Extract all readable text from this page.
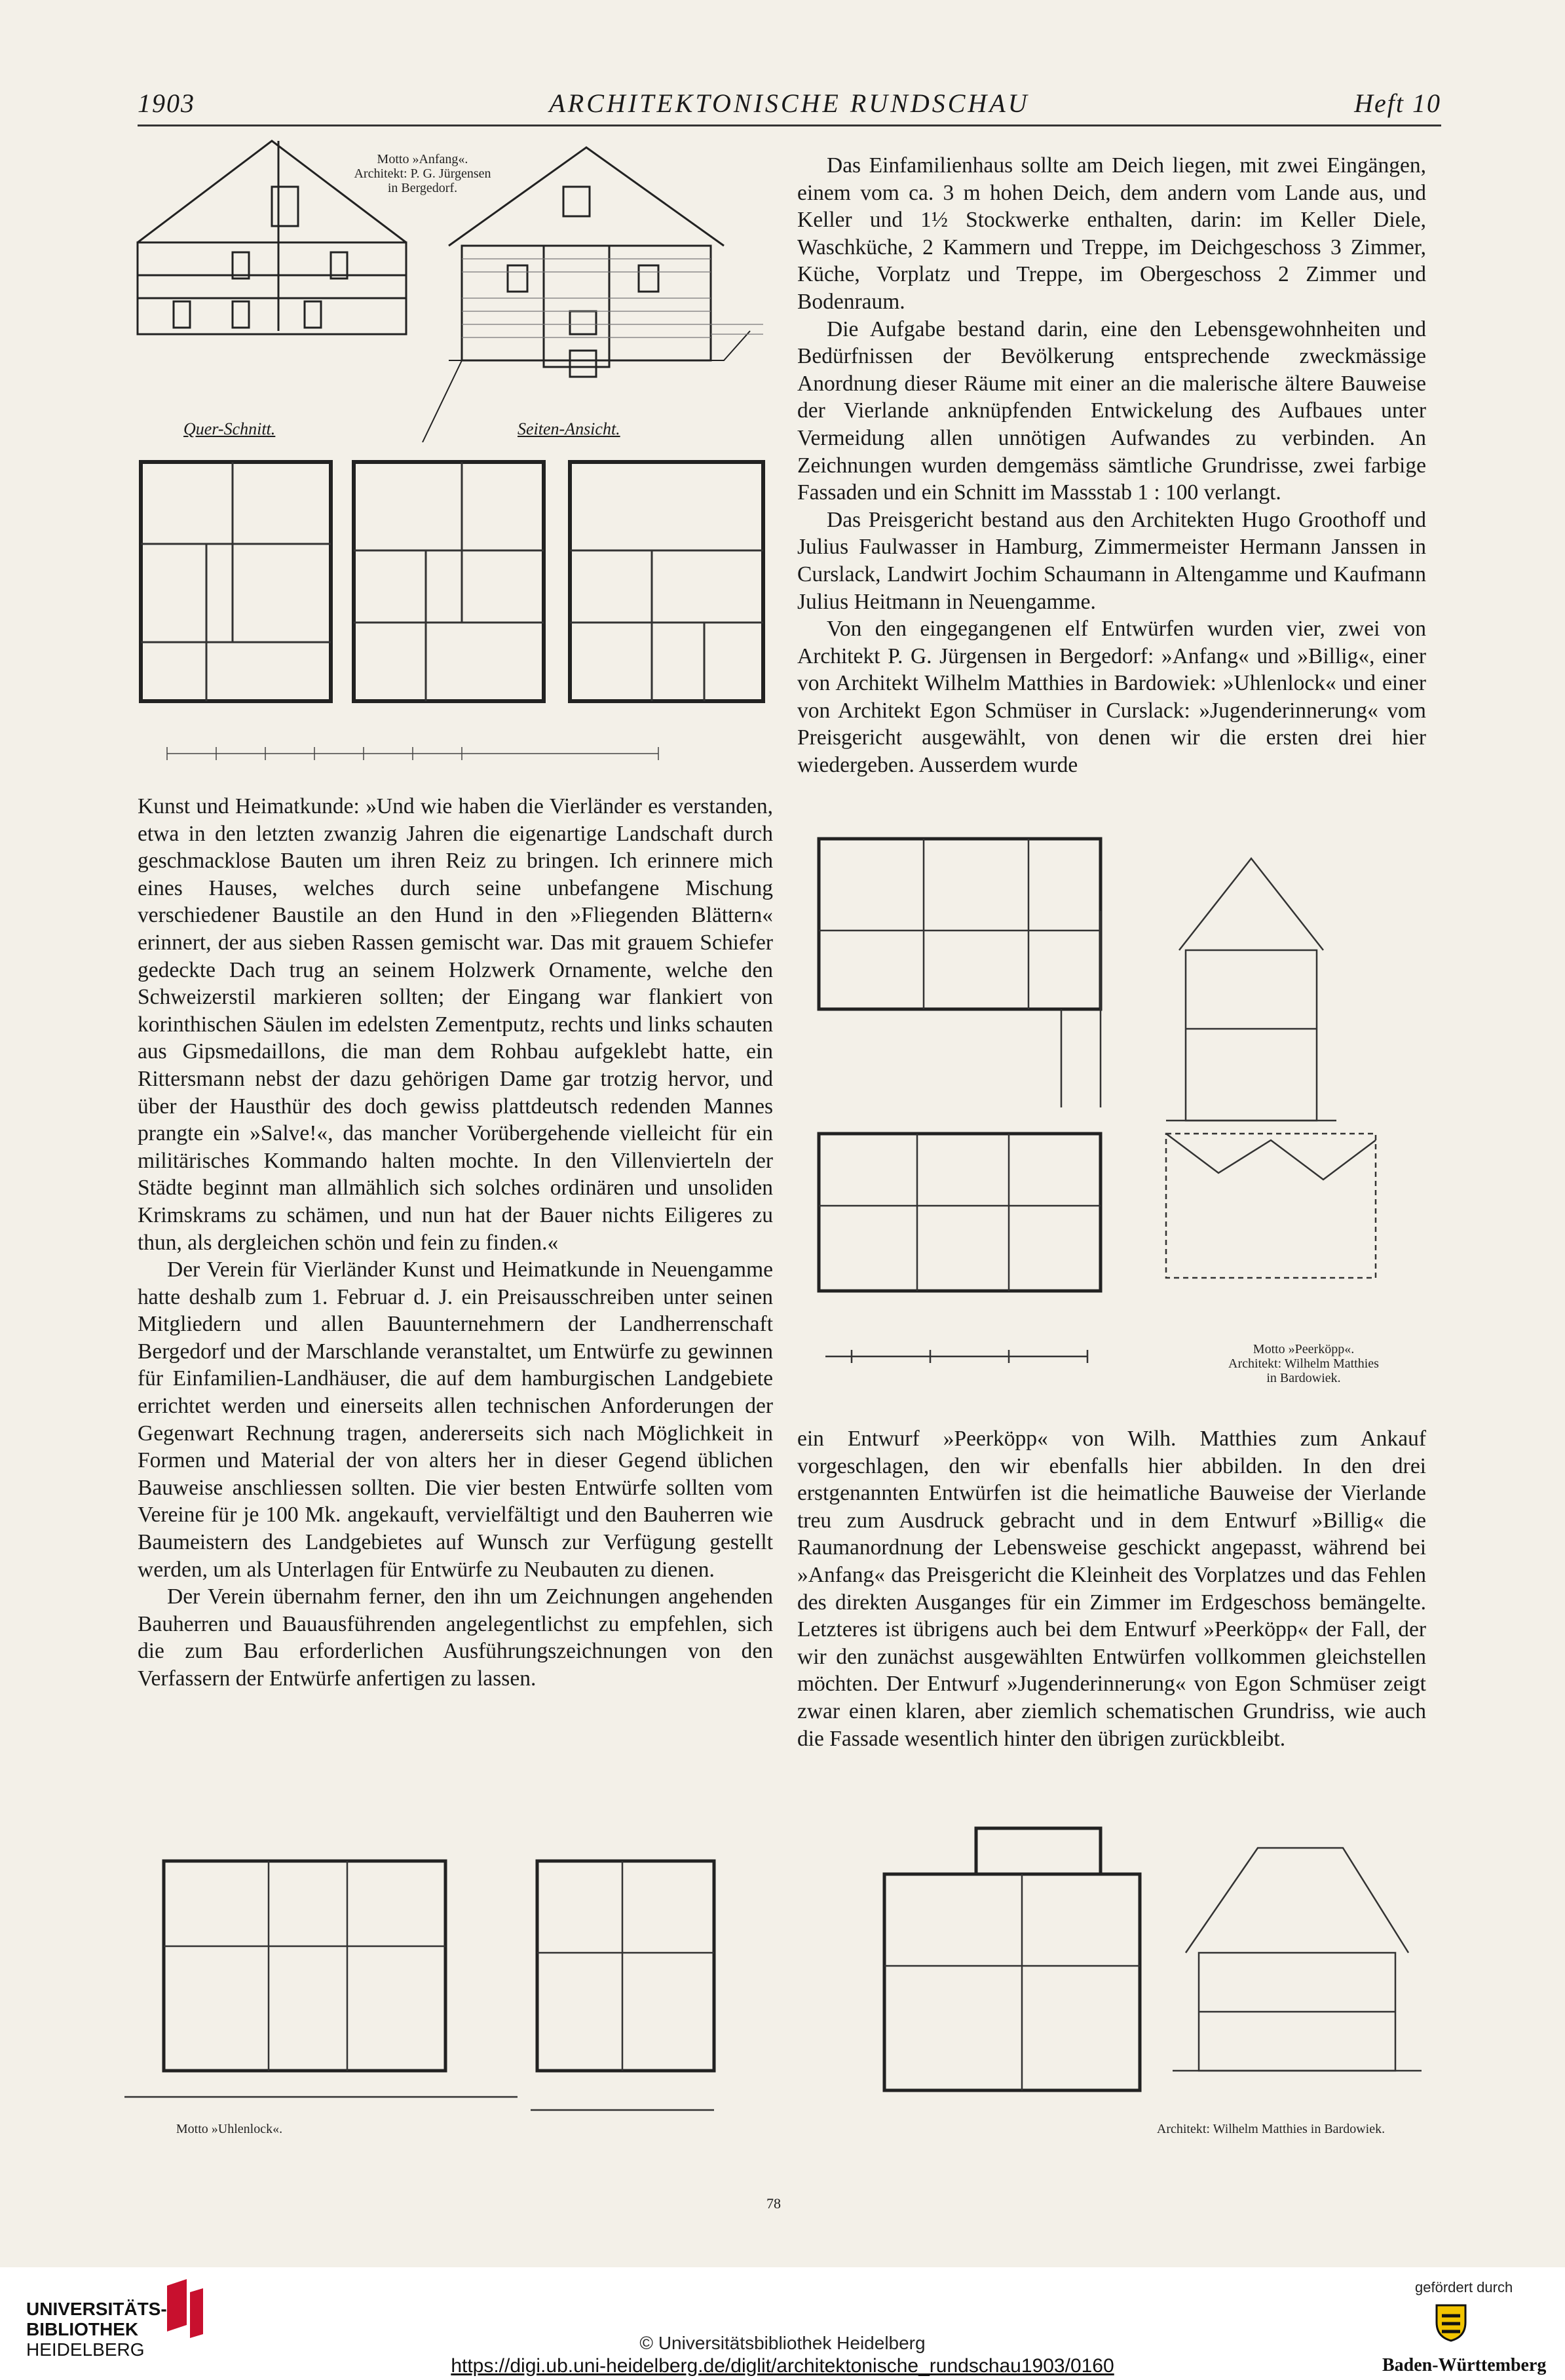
1903	ARCHITEKTONISCHE RUNDSCHAU	Heft 10
Motto »Anfang«.
Architekt: P. G. Jürgensen
in Bergedorf.
Quer-Schnitt.	Seiten-Ansicht.

Das Einfamilienhaus sollte am Deich liegen, mit zwei Eingängen, einem vom ca. 3 m hohen Deich, dem andern vom Lande aus, und Keller und 1½ Stockwerke enthalten, darin: im Keller Diele, Waschküche, 2 Kammern und Treppe, im Deichgeschoss 3 Zimmer, Küche, Vorplatz und Treppe, im Obergeschoss 2 Zimmer und Bodenraum.

Die Aufgabe bestand darin, eine den Lebensgewohnheiten und Bedürfnissen der Bevölkerung entsprechende zweckmässige Anordnung dieser Räume mit einer an die malerische ältere Bauweise der Vierlande anknüpfenden Entwickelung des Aufbaues unter Vermeidung allen unnötigen Aufwandes zu verbinden. An Zeichnungen wurden demgemäss sämtliche Grundrisse, zwei farbige Fassaden und ein Schnitt im Massstab 1 : 100 verlangt.

Das Preisgericht bestand aus den Architekten Hugo Groothoff und Julius Faulwasser in Hamburg, Zimmermeister Hermann Janssen in Curslack, Landwirt Jochim Schaumann in Altengamme und Kaufmann Julius Heitmann in Neuengamme.

Von den eingegangenen elf Entwürfen wurden vier, zwei von Architekt P. G. Jürgensen in Bergedorf: »Anfang« und »Billig«, einer von Architekt Wilhelm Matthies in Bardowiek: »Uhlenlock« und einer von Architekt Egon Schmüser in Curslack: »Jugenderinnerung« vom Preisgericht ausgewählt, von denen wir die ersten drei hier wiedergeben. Ausserdem wurde

Kunst und Heimatkunde: »Und wie haben die Vierländer es verstanden, etwa in den letzten zwanzig Jahren die eigenartige Landschaft durch geschmacklose Bauten um ihren Reiz zu bringen. Ich erinnere mich eines Hauses, welches durch seine unbefangene Mischung verschiedener Baustile an den Hund in den »Fliegenden Blättern« erinnert, der aus sieben Rassen gemischt war. Das mit grauem Schiefer gedeckte Dach trug an seinem Holzwerk Ornamente, welche den Schweizerstil markieren sollten; der Eingang war flankiert von korinthischen Säulen im edelsten Zementputz, rechts und links schauten aus Gipsmedaillons, die man dem Rohbau aufgeklebt hatte, ein Rittersmann nebst der dazu gehörigen Dame gar trotzig hervor, und über der Hausthür des doch gewiss plattdeutsch redenden Mannes prangte ein »Salve!«, das mancher Vorübergehende vielleicht für ein militärisches Kommando halten mochte. In den Villenvierteln der Städte beginnt man allmählich sich solches ordinären und unsoliden Krimskrams zu schämen, und nun hat der Bauer nichts Eiligeres zu thun, als dergleichen schön und fein zu finden.«

Der Verein für Vierländer Kunst und Heimatkunde in Neuengamme hatte deshalb zum 1. Februar d. J. ein Preisausschreiben unter seinen Mitgliedern und allen Bauunternehmern der Landherrenschaft Bergedorf und der Marschlande veranstaltet, um Entwürfe zu gewinnen für Einfamilien-Landhäuser, die auf dem hamburgischen Landgebiete errichtet werden und einerseits allen technischen Anforderungen der Gegenwart Rechnung tragen, andererseits sich nach Möglichkeit in Formen und Material der von alters her in dieser Gegend üblichen Bauweise anschliessen sollten. Die vier besten Entwürfe sollten vom Vereine für je 100 Mk. angekauft, vervielfältigt und den Bauherren wie Baumeistern des Landgebietes auf Wunsch zur Verfügung gestellt werden, um als Unterlagen für Entwürfe zu Neubauten zu dienen.

Der Verein übernahm ferner, den ihn um Zeichnungen angehenden Bauherren und Bauausführenden angelegentlichst zu empfehlen, sich die zum Bau erforderlichen Ausführungszeichnungen von den Verfassern der Entwürfe anfertigen zu lassen.

Motto »Peerköpp«.
Architekt: Wilhelm Matthies
in Bardowiek.

ein Entwurf »Peerköpp« von Wilh. Matthies zum Ankauf vorgeschlagen, den wir ebenfalls hier abbilden. In den drei erstgenannten Entwürfen ist die heimatliche Bauweise der Vierlande treu zum Ausdruck gebracht und in dem Entwurf »Billig« die Raumanordnung der Lebensweise geschickt angepasst, während bei »Anfang« das Preisgericht die Kleinheit des Vorplatzes und das Fehlen des direkten Ausganges für ein Zimmer im Erdgeschoss bemängelte. Letzteres ist übrigens auch bei dem Entwurf »Peerköpp« der Fall, der wir den zunächst ausgewählten Entwürfen vollkommen gleichstellen möchten. Der Entwurf »Jugenderinnerung« von Egon Schmüser zeigt zwar einen klaren, aber ziemlich schematischen Grundriss, wie auch die Fassade wesentlich hinter den übrigen zurückbleibt.

Motto »Uhlenlock«.	Architekt: Wilhelm Matthies in Bardowiek.
78
UNIVERSITÄTS-
BIBLIOTHEK
HEIDELBERG	© Universitätsbibliothek Heidelberg
https://digi.ub.uni-heidelberg.de/diglit/architektonische_rundschau1903/0160
gefördert durch
Baden-Württemberg
